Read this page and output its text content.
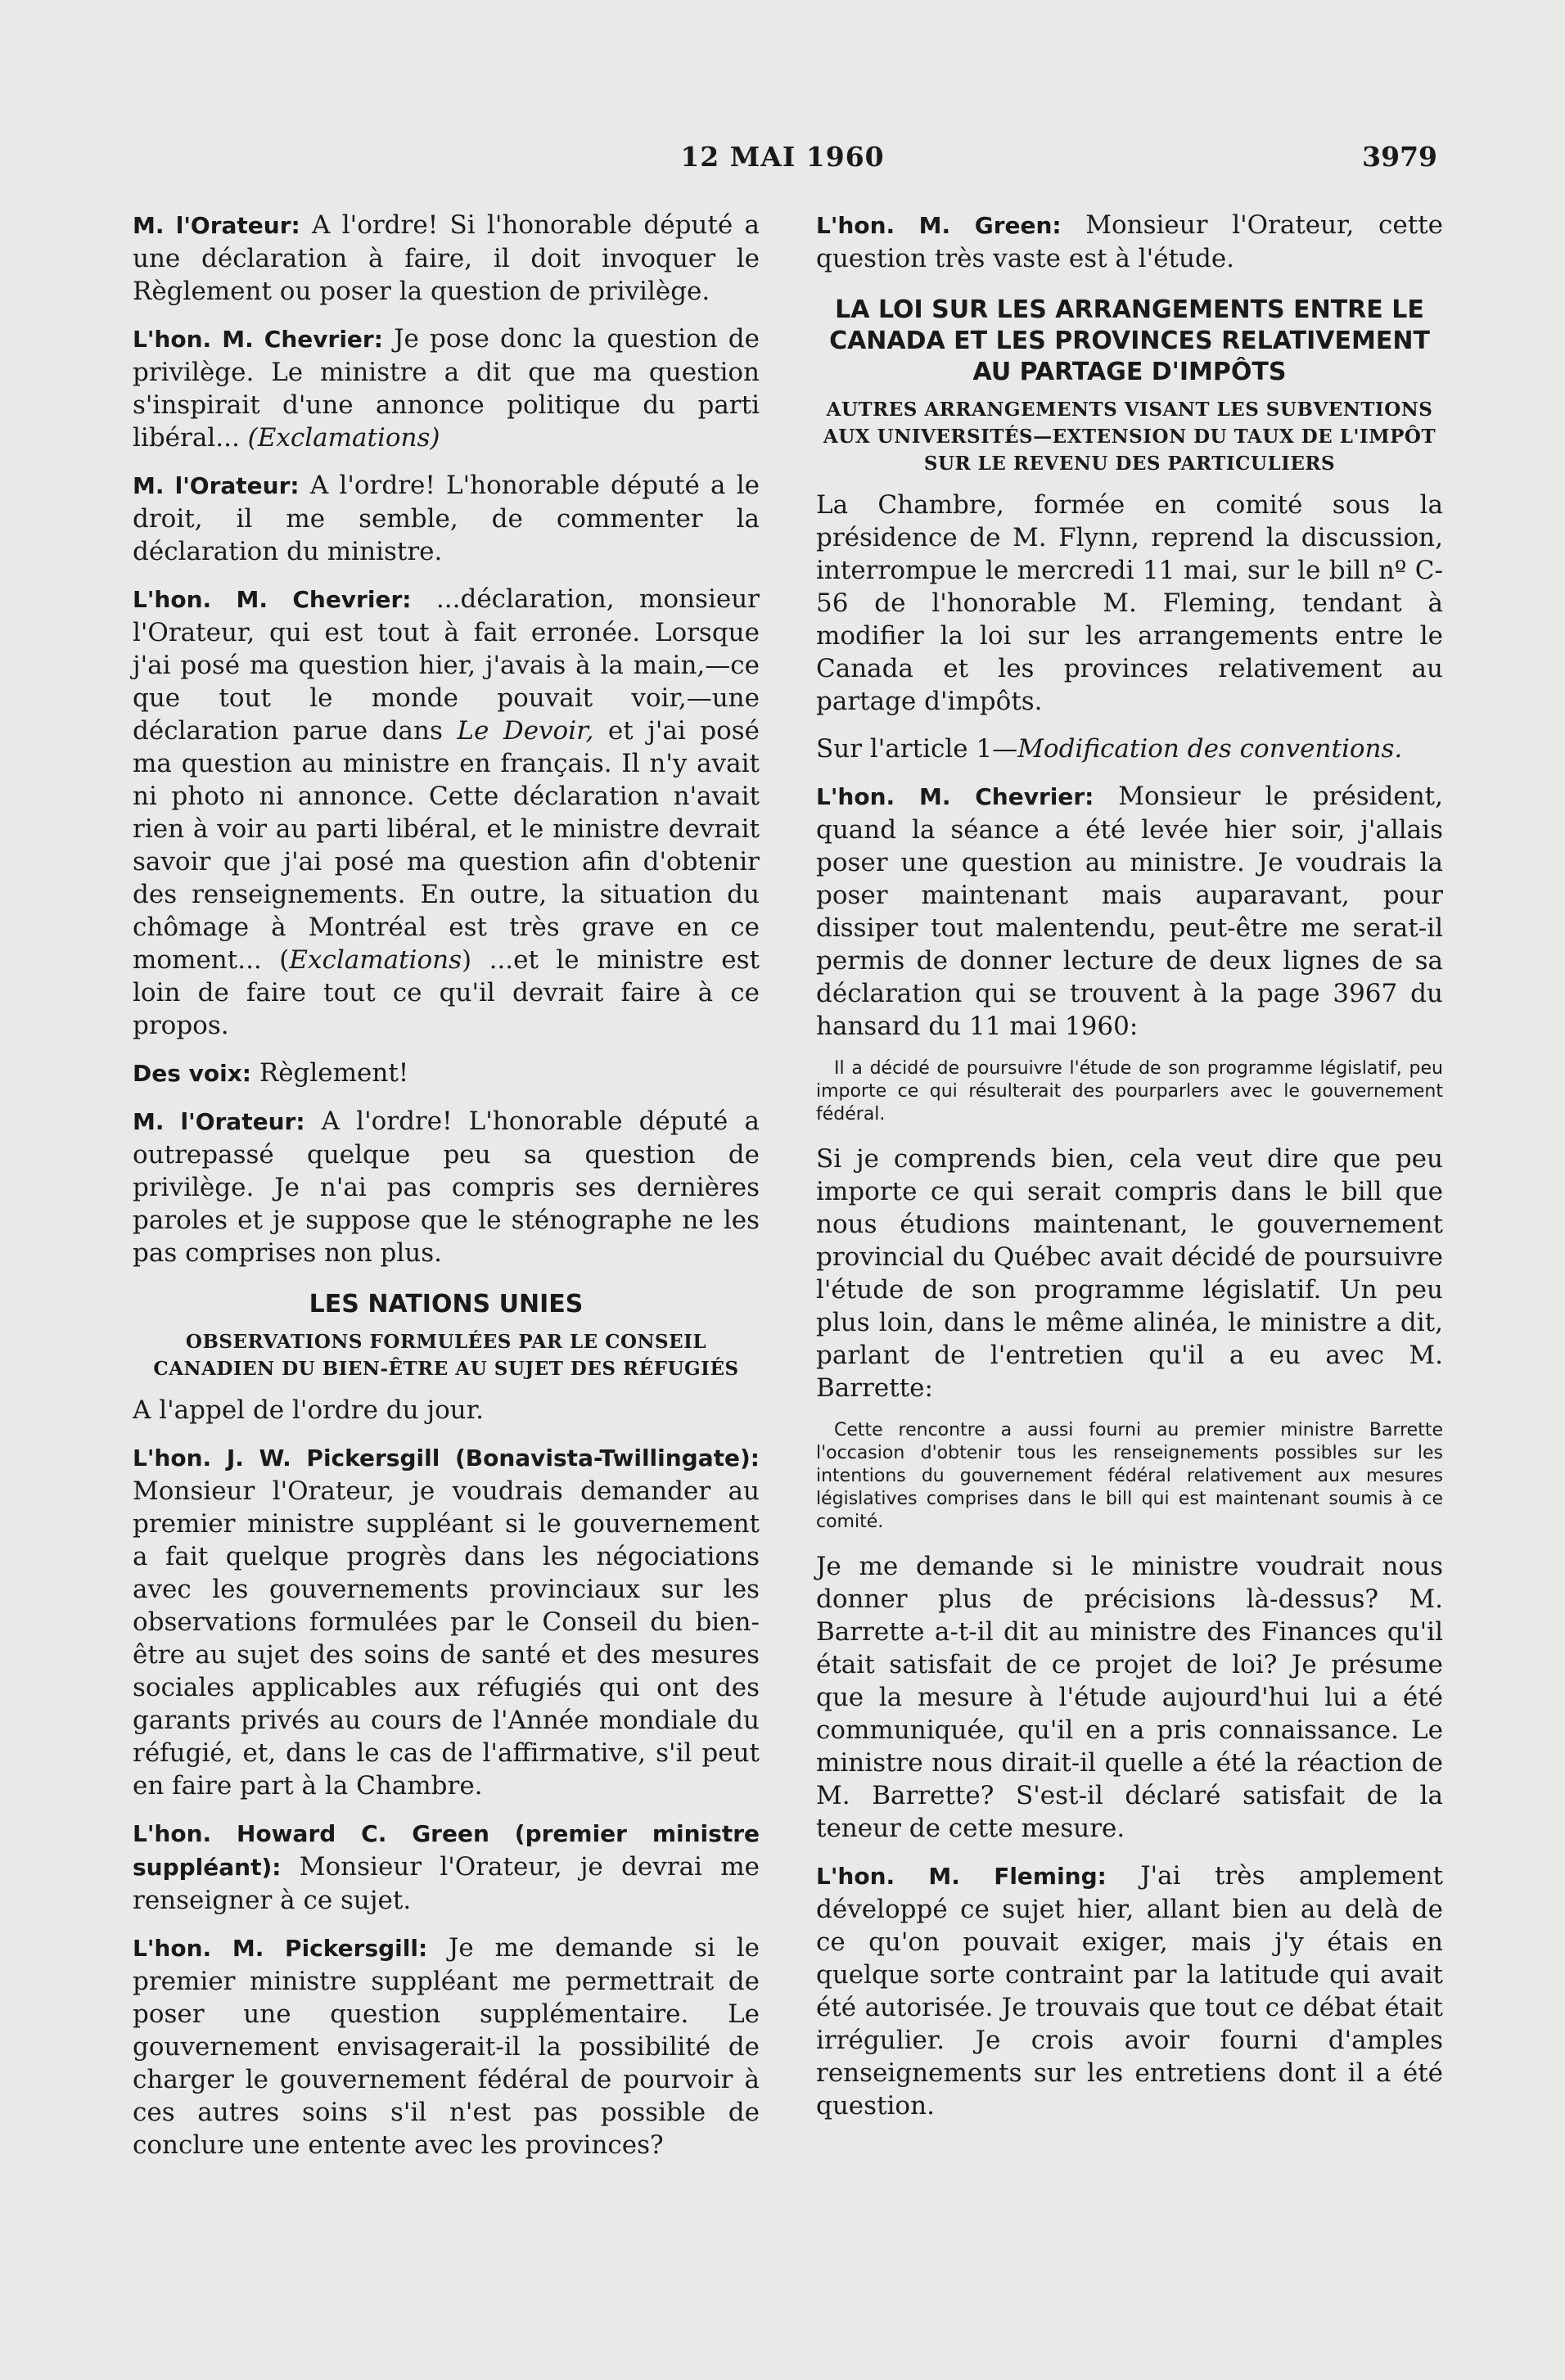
12 MAI 1960	3979

M. l'Orateur: A l'ordre! Si l'honorable député a une déclaration à faire, il doit invoquer le Règlement ou poser la question de privilège.

L'hon. M. Chevrier: Je pose donc la question de privilège. Le ministre a dit que ma question s'inspirait d'une annonce politique du parti libéral... (Exclamations)

M. l'Orateur: A l'ordre! L'honorable député a le droit, il me semble, de commenter la déclaration du ministre.

L'hon. M. Chevrier: ...déclaration, monsieur l'Orateur, qui est tout à fait erronée. Lorsque j'ai posé ma question hier, j'avais à la main,—ce que tout le monde pouvait voir,—une déclaration parue dans Le Devoir, et j'ai posé ma question au ministre en français. Il n'y avait ni photo ni annonce. Cette déclaration n'avait rien à voir au parti libéral, et le ministre devrait savoir que j'ai posé ma question afin d'obtenir des renseignements. En outre, la situation du chômage à Montréal est très grave en ce moment... (Exclamations) ...et le ministre est loin de faire tout ce qu'il devrait faire à ce propos.

Des voix: Règlement!

M. l'Orateur: A l'ordre! L'honorable député a outrepassé quelque peu sa question de privilège. Je n'ai pas compris ses dernières paroles et je suppose que le sténographe ne les pas comprises non plus.

LES NATIONS UNIES
OBSERVATIONS FORMULÉES PAR LE CONSEIL CANADIEN DU BIEN-ÊTRE AU SUJET DES RÉFUGIÉS

A l'appel de l'ordre du jour.

L'hon. J. W. Pickersgill (Bonavista-Twillingate): Monsieur l'Orateur, je voudrais demander au premier ministre suppléant si le gouvernement a fait quelque progrès dans les négociations avec les gouvernements provinciaux sur les observations formulées par le Conseil du bien-être au sujet des soins de santé et des mesures sociales applicables aux réfugiés qui ont des garants privés au cours de l'Année mondiale du réfugié, et, dans le cas de l'affirmative, s'il peut en faire part à la Chambre.

L'hon. Howard C. Green (premier ministre suppléant): Monsieur l'Orateur, je devrai me renseigner à ce sujet.

L'hon. M. Pickersgill: Je me demande si le premier ministre suppléant me permettrait de poser une question supplémentaire. Le gouvernement envisagerait-il la possibilité de charger le gouvernement fédéral de pourvoir à ces autres soins s'il n'est pas possible de conclure une entente avec les provinces?

L'hon. M. Green: Monsieur l'Orateur, cette question très vaste est à l'étude.

LA LOI SUR LES ARRANGEMENTS ENTRE LE CANADA ET LES PROVINCES RELATIVEMENT AU PARTAGE D'IMPÔTS
AUTRES ARRANGEMENTS VISANT LES SUBVENTIONS AUX UNIVERSITÉS—EXTENSION DU TAUX DE L'IMPÔT SUR LE REVENU DES PARTICULIERS

La Chambre, formée en comité sous la présidence de M. Flynn, reprend la discussion, interrompue le mercredi 11 mai, sur le bill nº C-56 de l'honorable M. Fleming, tendant à modifier la loi sur les arrangements entre le Canada et les provinces relativement au partage d'impôts.

Sur l'article 1—Modification des conventions.

L'hon. M. Chevrier: Monsieur le président, quand la séance a été levée hier soir, j'allais poser une question au ministre. Je voudrais la poser maintenant mais auparavant, pour dissiper tout malentendu, peut-être me serat-il permis de donner lecture de deux lignes de sa déclaration qui se trouvent à la page 3967 du hansard du 11 mai 1960:

Il a décidé de poursuivre l'étude de son programme législatif, peu importe ce qui résulterait des pourparlers avec le gouvernement fédéral.

Si je comprends bien, cela veut dire que peu importe ce qui serait compris dans le bill que nous étudions maintenant, le gouvernement provincial du Québec avait décidé de poursuivre l'étude de son programme législatif. Un peu plus loin, dans le même alinéa, le ministre a dit, parlant de l'entretien qu'il a eu avec M. Barrette:

Cette rencontre a aussi fourni au premier ministre Barrette l'occasion d'obtenir tous les renseignements possibles sur les intentions du gouvernement fédéral relativement aux mesures législatives comprises dans le bill qui est maintenant soumis à ce comité.

Je me demande si le ministre voudrait nous donner plus de précisions là-dessus? M. Barrette a-t-il dit au ministre des Finances qu'il était satisfait de ce projet de loi? Je présume que la mesure à l'étude aujourd'hui lui a été communiquée, qu'il en a pris connaissance. Le ministre nous dirait-il quelle a été la réaction de M. Barrette? S'est-il déclaré satisfait de la teneur de cette mesure.

L'hon. M. Fleming: J'ai très amplement développé ce sujet hier, allant bien au delà de ce qu'on pouvait exiger, mais j'y étais en quelque sorte contraint par la latitude qui avait été autorisée. Je trouvais que tout ce débat était irrégulier. Je crois avoir fourni d'amples renseignements sur les entretiens dont il a été question.
